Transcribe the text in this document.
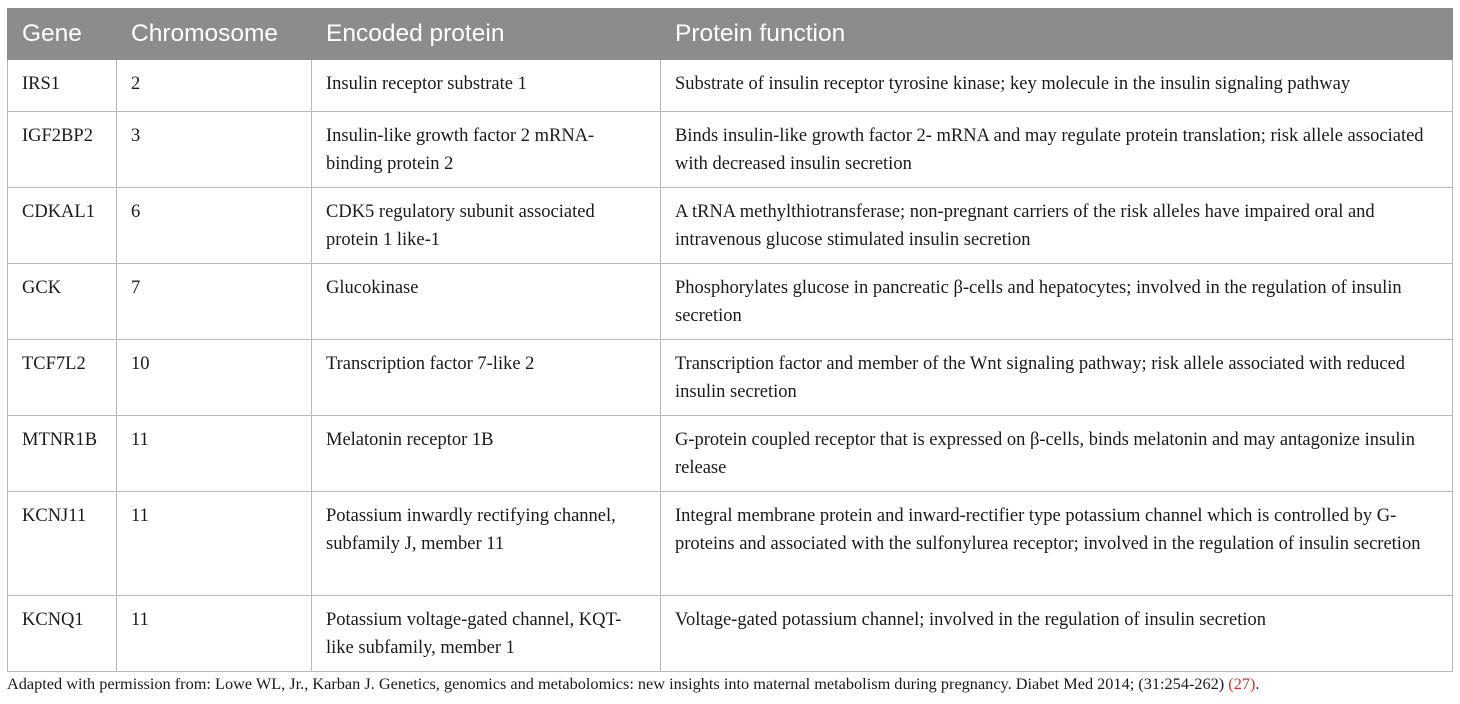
Gene	Chromosome	Encoded protein	Protein function
IRS1	2	Insulin receptor substrate 1	Substrate of insulin receptor tyrosine kinase; key molecule in the insulin signaling pathway
IGF2BP2	3	Insulin-like growth factor 2 mRNA-binding protein 2	Binds insulin-like growth factor 2- mRNA and may regulate protein translation; risk allele associated with decreased insulin secretion
CDKAL1	6	CDK5 regulatory subunit associated protein 1 like-1	A tRNA methylthiotransferase; non-pregnant carriers of the risk alleles have impaired oral and intravenous glucose stimulated insulin secretion
GCK	7	Glucokinase	Phosphorylates glucose in pancreatic β-cells and hepatocytes; involved in the regulation of insulin secretion
TCF7L2	10	Transcription factor 7-like 2	Transcription factor and member of the Wnt signaling pathway; risk allele associated with reduced insulin secretion
MTNR1B	11	Melatonin receptor 1B	G-protein coupled receptor that is expressed on β-cells, binds melatonin and may antagonize insulin release
KCNJ11	11	Potassium inwardly rectifying channel, subfamily J, member 11	Integral membrane protein and inward-rectifier type potassium channel which is controlled by G-proteins and associated with the sulfonylurea receptor; involved in the regulation of insulin secretion
KCNQ1	11	Potassium voltage-gated channel, KQT-like subfamily, member 1	Voltage-gated potassium channel; involved in the regulation of insulin secretion
Adapted with permission from: Lowe WL, Jr., Karban J. Genetics, genomics and metabolomics: new insights into maternal metabolism during pregnancy. Diabet Med 2014; (31:254-262) (27).
